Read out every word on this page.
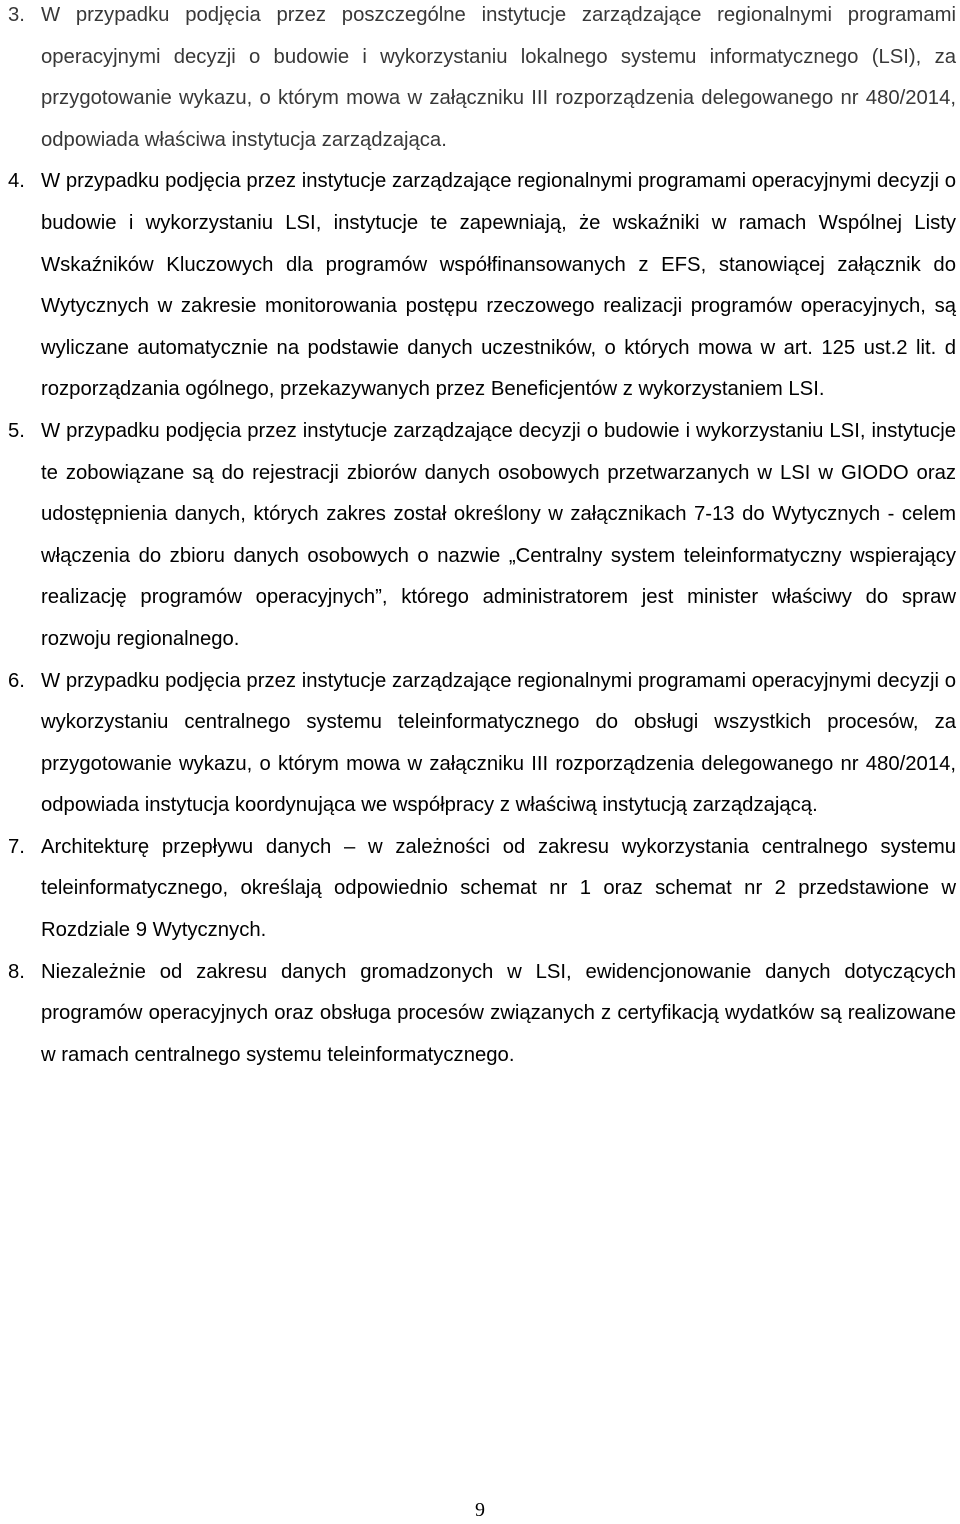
3. W przypadku podjęcia przez poszczególne instytucje zarządzające regionalnymi programami operacyjnymi decyzji o budowie i wykorzystaniu lokalnego systemu informatycznego (LSI), za przygotowanie wykazu, o którym mowa w załączniku III rozporządzenia delegowanego nr 480/2014, odpowiada właściwa instytucja zarządzająca.
4. W przypadku podjęcia przez instytucje zarządzające regionalnymi programami operacyjnymi decyzji o budowie i wykorzystaniu LSI, instytucje te zapewniają, że wskaźniki w ramach Wspólnej Listy Wskaźników Kluczowych dla programów współfinansowanych z EFS, stanowiącej załącznik do Wytycznych w zakresie monitorowania postępu rzeczowego realizacji programów operacyjnych, są wyliczane automatycznie na podstawie danych uczestników, o których mowa w art. 125 ust.2 lit. d rozporządzania ogólnego, przekazywanych przez Beneficjentów z wykorzystaniem LSI.
5. W przypadku podjęcia przez instytucje zarządzające decyzji o budowie i wykorzystaniu LSI, instytucje te zobowiązane są do rejestracji zbiorów danych osobowych przetwarzanych w LSI w GIODO oraz udostępnienia danych, których zakres został określony w załącznikach 7-13 do Wytycznych - celem włączenia do zbioru danych osobowych o nazwie „Centralny system teleinformatyczny wspierający realizację programów operacyjnych”, którego administratorem jest minister właściwy do spraw rozwoju regionalnego.
6. W przypadku podjęcia przez instytucje zarządzające regionalnymi programami operacyjnymi decyzji o wykorzystaniu centralnego systemu teleinformatycznego do obsługi wszystkich procesów, za przygotowanie wykazu, o którym mowa w załączniku III rozporządzenia delegowanego nr 480/2014, odpowiada instytucja koordynująca we współpracy z właściwą instytucją zarządzającą.
7. Architekturę przepływu danych – w zależności od zakresu wykorzystania centralnego systemu teleinformatycznego, określają odpowiednio schemat nr 1 oraz schemat nr 2 przedstawione w Rozdziale 9 Wytycznych.
8. Niezależnie od zakresu danych gromadzonych w LSI, ewidencjonowanie danych dotyczących programów operacyjnych oraz obsługa procesów związanych z certyfikacją wydatków są realizowane w ramach centralnego systemu teleinformatycznego.
9
